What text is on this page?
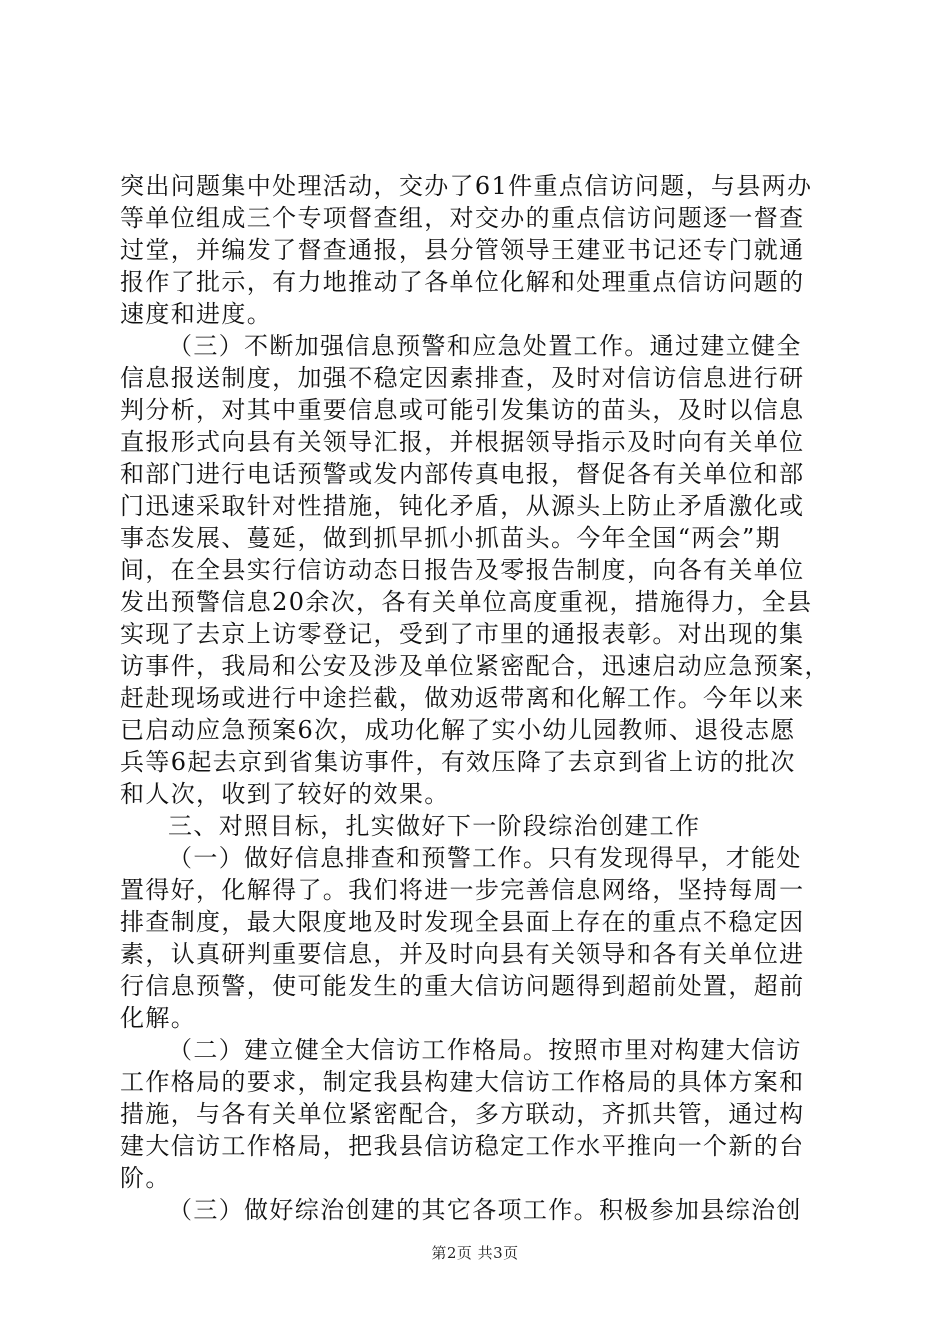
突出问题集中处理活动，交办了61件重点信访问题，与县两办
等单位组成三个专项督查组，对交办的重点信访问题逐一督查
过堂，并编发了督查通报，县分管领导王建亚书记还专门就通
报作了批示，有力地推动了各单位化解和处理重点信访问题的
速度和进度。
（三）不断加强信息预警和应急处置工作。通过建立健全
信息报送制度，加强不稳定因素排查，及时对信访信息进行研
判分析，对其中重要信息或可能引发集访的苗头，及时以信息
直报形式向县有关领导汇报，并根据领导指示及时向有关单位
和部门进行电话预警或发内部传真电报，督促各有关单位和部
门迅速采取针对性措施，钝化矛盾，从源头上防止矛盾激化或
事态发展、蔓延，做到抓早抓小抓苗头。今年全国“两会”期
间，在全县实行信访动态日报告及零报告制度，向各有关单位
发出预警信息20余次，各有关单位高度重视，措施得力，全县
实现了去京上访零登记，受到了市里的通报表彰。对出现的集
访事件，我局和公安及涉及单位紧密配合，迅速启动应急预案，
赶赴现场或进行中途拦截，做劝返带离和化解工作。今年以来
已启动应急预案6次，成功化解了实小幼儿园教师、退役志愿
兵等6起去京到省集访事件，有效压降了去京到省上访的批次
和人次，收到了较好的效果。
三、对照目标，扎实做好下一阶段综治创建工作
（一）做好信息排查和预警工作。只有发现得早，才能处
置得好，化解得了。我们将进一步完善信息网络，坚持每周一
排查制度，最大限度地及时发现全县面上存在的重点不稳定因
素，认真研判重要信息，并及时向县有关领导和各有关单位进
行信息预警，使可能发生的重大信访问题得到超前处置，超前
化解。
（二）建立健全大信访工作格局。按照市里对构建大信访
工作格局的要求，制定我县构建大信访工作格局的具体方案和
措施，与各有关单位紧密配合，多方联动，齐抓共管，通过构
建大信访工作格局，把我县信访稳定工作水平推向一个新的台
阶。
（三）做好综治创建的其它各项工作。积极参加县综治创
第2页 共3页
